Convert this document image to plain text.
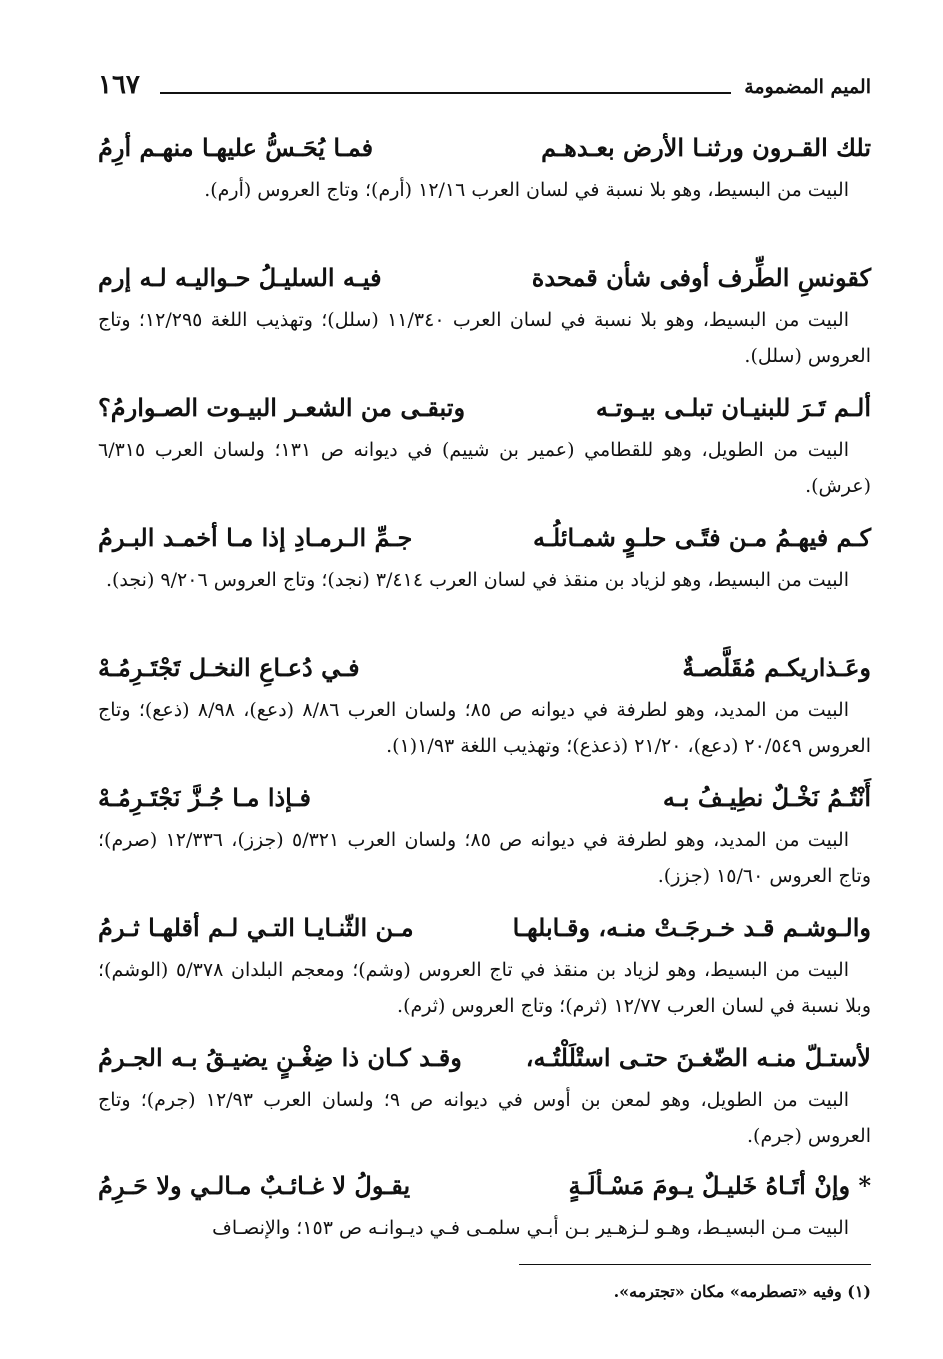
الميم المضمومة
١٦٧
تلك القـرون ورثنـا الأرض بعـدهـم
فمـا يُحَـسُّ عليهـا منهـم أرِمُ
البيت من البسيط، وهو بلا نسبة في لسان العرب ١٢/١٦ (أرم)؛ وتاج العروس (أرم).
كقونسِ الطِّرف أوفى شأن قمحدة
فيـه السليـلُ حـواليـه لـه إرم
البيت من البسيط، وهو بلا نسبة في لسان العرب ١١/٣٤٠ (سلل)؛ وتهذيب اللغة ١٢/٢٩٥؛ وتاج العروس (سلل).
ألـم تَـرَ للبنيـان تبلـى بيـوتـه
وتبقـى من الشعـر البيـوت الصـوارمُ؟
البيت من الطويل، وهو للقطامي (عمير بن شييم) في ديوانه ص ١٣١؛ ولسان العرب ٦/٣١٥ (عرش).
كـم فيهـمُ مـن فتًـى حلـوٍ شمـائلُـه
جـمِّ الـرمـادِ إذا مـا أخمـد البـرمُ
البيت من البسيط، وهو لزياد بن منقذ في لسان العرب ٣/٤١٤ (نجد)؛ وتاج العروس ٩/٢٠٦ (نجد).
وعَـذاريكـم مُقَلَّصـةٌ
فـي دُعـاعِ النخـل تَجْتَـرِمُـهْ
البيت من المديد، وهو لطرفة في ديوانه ص ٨٥؛ ولسان العرب ٨/٨٦ (دعع)، ٨/٩٨ (ذعع)؛ وتاج العروس ٢٠/٥٤٩ (دعع)، ٢١/٢٠ (ذعذع)؛ وتهذيب اللغة ١/٩٣(١).
أَنْتُـمُ نَخْـلٌ نطِيـفُ بـه
فـإذا مـا جُـزَّ نَجْتَـرِمُـهْ
البيت من المديد، وهو لطرفة في ديوانه ص ٨٥؛ ولسان العرب ٥/٣٢١ (جزز)، ١٢/٣٣٦ (صرم)؛ وتاج العروس ١٥/٦٠ (جزز).
والـوشـم قـد خـرجَـتْ منـه، وقـابلهـا
مـن الثّنـايـا التـي لـم أقلهـا ثـرمُ
البيت من البسيط، وهو لزياد بن منقذ في تاج العروس (وشم)؛ ومعجم البلدان ٥/٣٧٨ (الوشم)؛ وبلا نسبة في لسان العرب ١٢/٧٧ (ثرم)؛ وتاج العروس (ثرم).
لأستـلّ منـه الضّغـنَ حتـى استْلَلْتُـه،
وقـد كـان ذا ضِغْـنٍ يضيـقُ بـه الجـرمُ
البيت من الطويل، وهو لمعن بن أوس في ديوانه ص ٩؛ ولسان العرب ١٢/٩٣ (جرم)؛ وتاج العروس (جرم).
* وإنْ أتَـاهُ خَليـلٌ يـومَ مَسْـألَـةٍ
يقـولُ لا غـائـبٌ مـالـي ولا حَـرِمُ
البيت مـن البسيـط، وهـو لـزهـير بـن أبـي سلمـى فـي ديـوانـه ص ١٥٣؛ والإنصـاف
(١) وفيه «تصطرمه» مكان «تجترمه».
